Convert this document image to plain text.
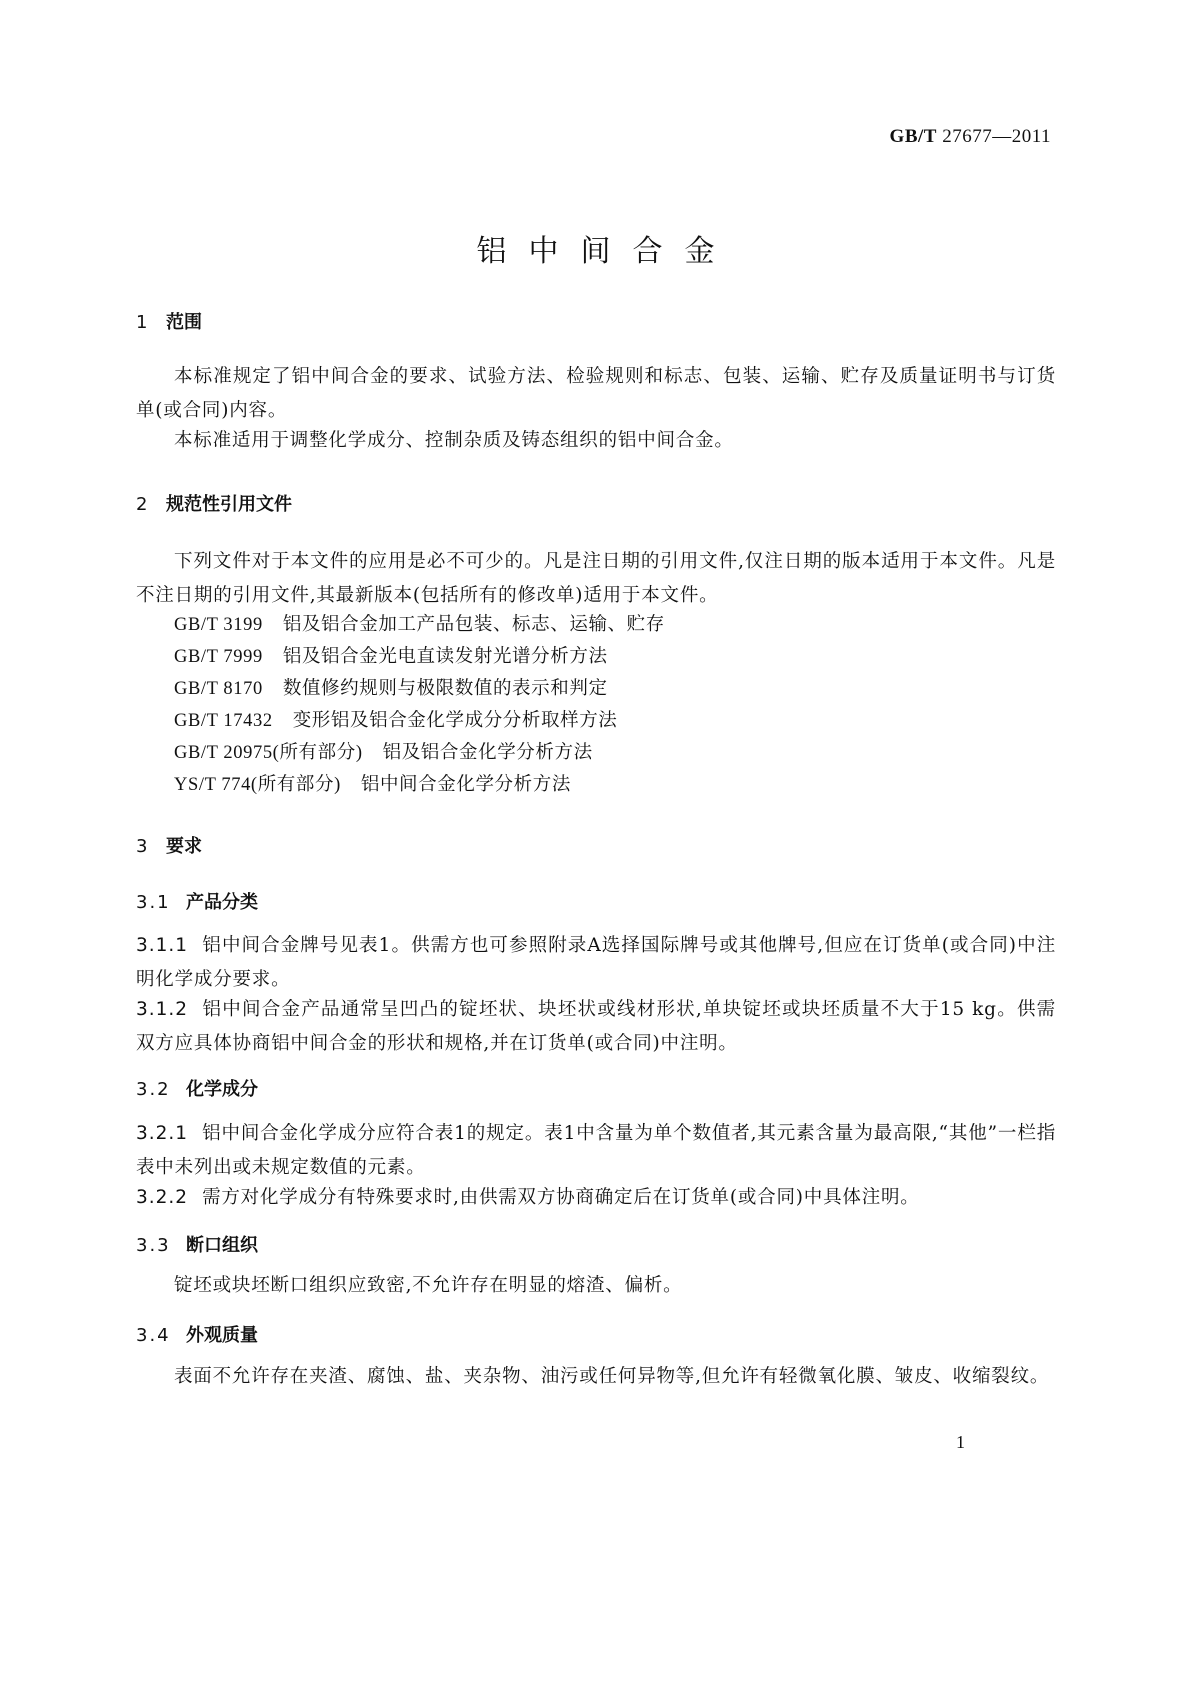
GB/T 27677—2011
铝中间合金
1 范围
本标准规定了铝中间合金的要求、试验方法、检验规则和标志、包装、运输、贮存及质量证明书与订货单(或合同)内容。
本标准适用于调整化学成分、控制杂质及铸态组织的铝中间合金。
2 规范性引用文件
下列文件对于本文件的应用是必不可少的。凡是注日期的引用文件,仅注日期的版本适用于本文件。凡是不注日期的引用文件,其最新版本(包括所有的修改单)适用于本文件。
GB/T 3199 铝及铝合金加工产品包装、标志、运输、贮存
GB/T 7999 铝及铝合金光电直读发射光谱分析方法
GB/T 8170 数值修约规则与极限数值的表示和判定
GB/T 17432 变形铝及铝合金化学成分分析取样方法
GB/T 20975(所有部分) 铝及铝合金化学分析方法
YS/T 774(所有部分) 铝中间合金化学分析方法
3 要求
3.1 产品分类
3.1.1 铝中间合金牌号见表1。供需方也可参照附录A选择国际牌号或其他牌号,但应在订货单(或合同)中注明化学成分要求。
3.1.2 铝中间合金产品通常呈凹凸的锭坯状、块坯状或线材形状,单块锭坯或块坯质量不大于15 kg。供需双方应具体协商铝中间合金的形状和规格,并在订货单(或合同)中注明。
3.2 化学成分
3.2.1 铝中间合金化学成分应符合表1的规定。表1中含量为单个数值者,其元素含量为最高限,“其他”一栏指表中未列出或未规定数值的元素。
3.2.2 需方对化学成分有特殊要求时,由供需双方协商确定后在订货单(或合同)中具体注明。
3.3 断口组织
锭坯或块坯断口组织应致密,不允许存在明显的熔渣、偏析。
3.4 外观质量
表面不允许存在夹渣、腐蚀、盐、夹杂物、油污或任何异物等,但允许有轻微氧化膜、皱皮、收缩裂纹。
1
